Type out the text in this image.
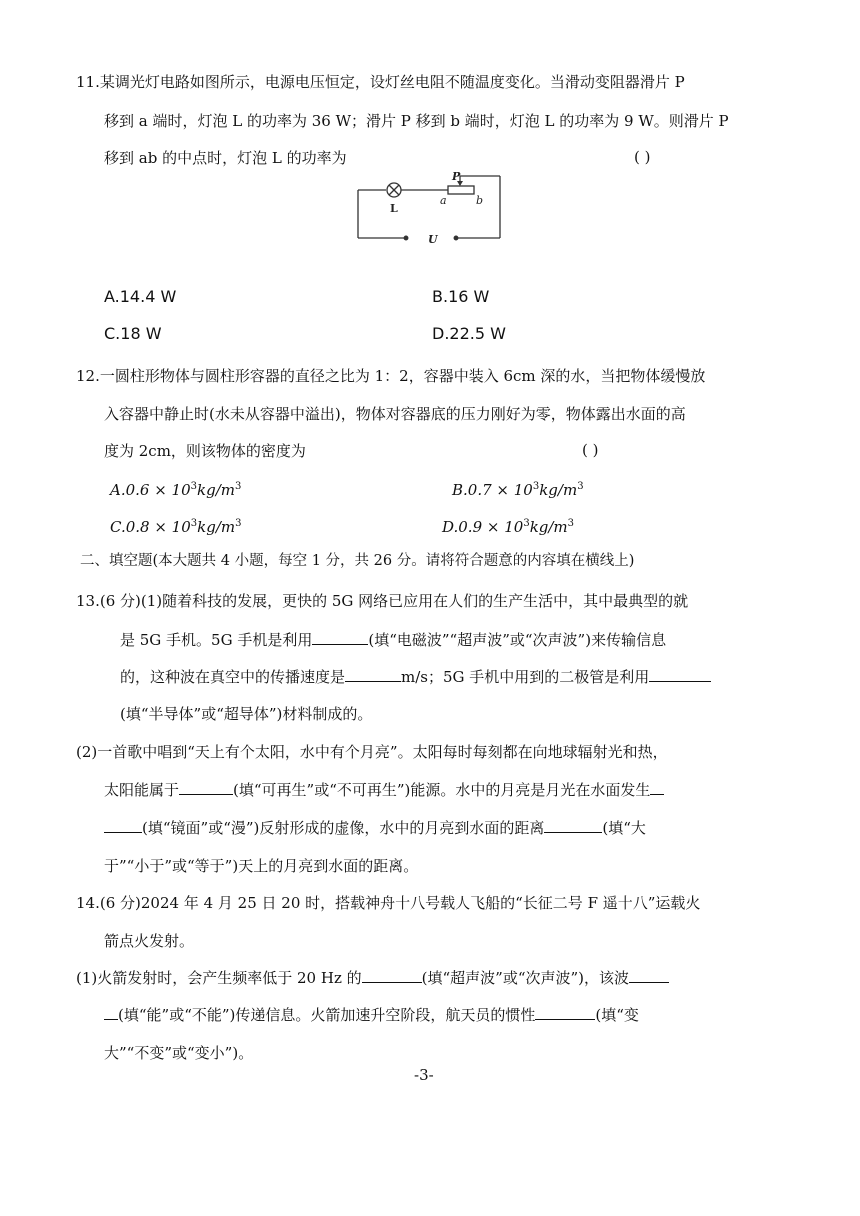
11.某调光灯电路如图所示，电源电压恒定，设灯丝电阻不随温度变化。当滑动变阻器滑片 P
移到 a 端时，灯泡 L 的功率为 36 W；滑片 P 移到 b 端时，灯泡 L 的功率为 9 W。则滑片 P
移到 ab 的中点时，灯泡 L 的功率为	( )
P
a	b
L
U
A.14.4 W	B.16 W
C.18 W	D.22.5 W
12.一圆柱形物体与圆柱形容器的直径之比为 1：2，容器中装入 6cm 深的水，当把物体缓慢放
入容器中静止时(水未从容器中溢出)，物体对容器底的压力刚好为零，物体露出水面的高
度为 2cm，则该物体的密度为	( )
$A.0.6 \times 10^3kg/m^3$	$B.0.7 \times 10^3kg/m^3$
$C.0.8 \times 10^3kg/m^3$	$D.0.9 \times 10^3kg/m^3$
二、填空题(本大题共 4 小题，每空 1 分，共 26 分。请将符合题意的内容填在横线上)
13.(6 分)(1)随着科技的发展，更快的 5G 网络已应用在人们的生产生活中，其中最典型的就
是 5G 手机。5G 手机是利用	(填“电磁波”“超声波”或“次声波”)来传输信息
的，这种波在真空中的传播速度是	m/s；5G 手机中用到的二极管是利用
(填“半导体”或“超导体”)材料制成的。
(2)一首歌中唱到“天上有个太阳，水中有个月亮”。太阳每时每刻都在向地球辐射光和热，
太阳能属于	(填“可再生”或“不可再生”)能源。水中的月亮是月光在水面发生
(填“镜面”或“漫”)反射形成的虚像，水中的月亮到水面的距离	(填“大
于”“小于”或“等于”)天上的月亮到水面的距离。
14.(6 分)2024 年 4 月 25 日 20 时，搭载神舟十八号载人飞船的“长征二号 F 遥十八”运载火
箭点火发射。
(1)火箭发射时，会产生频率低于 20 Hz 的	(填“超声波”或“次声波”)，该波
(填“能”或“不能”)传递信息。火箭加速升空阶段，航天员的惯性	(填“变
大”“不变”或“变小”)。
-3-
